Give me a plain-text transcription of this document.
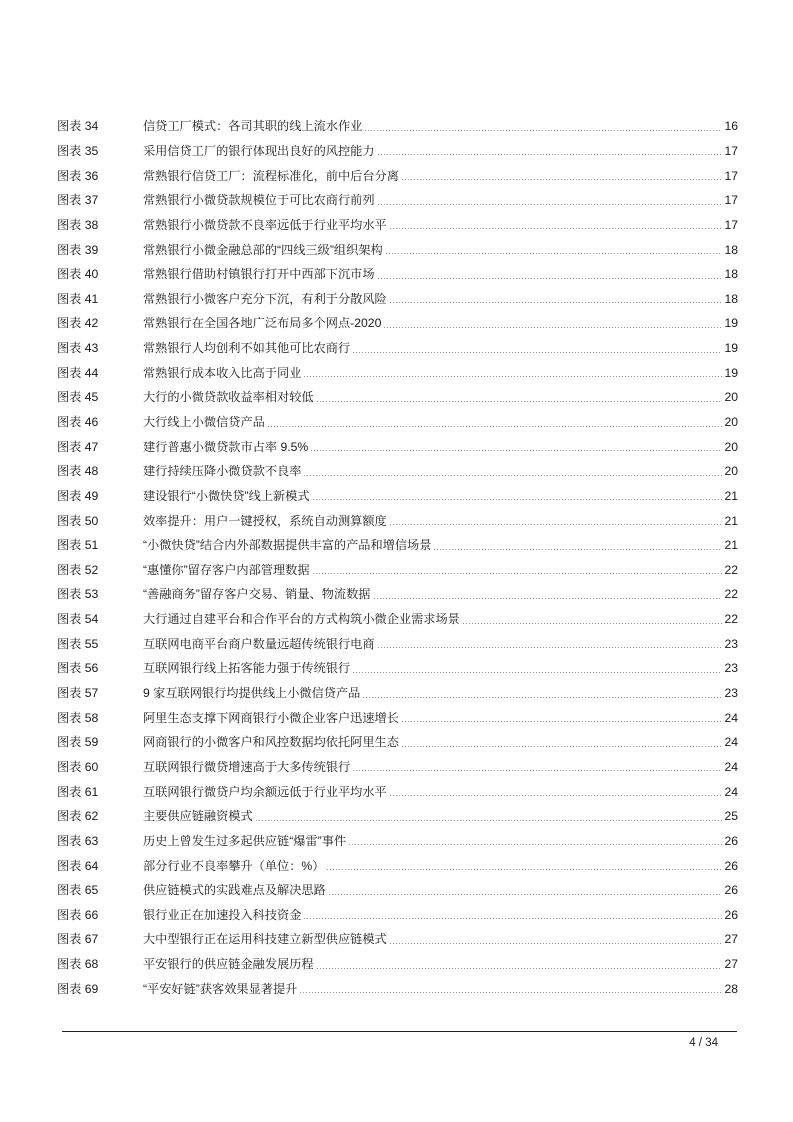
图表 34	信贷工厂模式：各司其职的线上流水作业	16
图表 35	采用信贷工厂的银行体现出良好的风控能力	17
图表 36	常熟银行信贷工厂：流程标准化，前中后台分离	17
图表 37	常熟银行小微贷款规模位于可比农商行前列	17
图表 38	常熟银行小微贷款不良率远低于行业平均水平	17
图表 39	常熟银行小微金融总部的“四线三级”组织架构	18
图表 40	常熟银行借助村镇银行打开中西部下沉市场	18
图表 41	常熟银行小微客户充分下沉，有利于分散风险	18
图表 42	常熟银行在全国各地广泛布局多个网点-2020	19
图表 43	常熟银行人均创利不如其他可比农商行	19
图表 44	常熟银行成本收入比高于同业	19
图表 45	大行的小微贷款收益率相对较低	20
图表 46	大行线上小微信贷产品	20
图表 47	建行普惠小微贷款市占率 9.5%	20
图表 48	建行持续压降小微贷款不良率	20
图表 49	建设银行“小微快贷”线上新模式	21
图表 50	效率提升：用户一键授权，系统自动测算额度	21
图表 51	“小微快贷”结合内外部数据提供丰富的产品和增信场景	21
图表 52	“惠懂你”留存客户内部管理数据	22
图表 53	“善融商务”留存客户交易、销量、物流数据	22
图表 54	大行通过自建平台和合作平台的方式构筑小微企业需求场景	22
图表 55	互联网电商平台商户数量远超传统银行电商	23
图表 56	互联网银行线上拓客能力强于传统银行	23
图表 57	9 家互联网银行均提供线上小微信贷产品	23
图表 58	阿里生态支撑下网商银行小微企业客户迅速增长	24
图表 59	网商银行的小微客户和风控数据均依托阿里生态	24
图表 60	互联网银行微贷增速高于大多传统银行	24
图表 61	互联网银行微贷户均余额远低于行业平均水平	24
图表 62	主要供应链融资模式	25
图表 63	历史上曾发生过多起供应链“爆雷”事件	26
图表 64	部分行业不良率攀升（单位：%）	26
图表 65	供应链模式的实践难点及解决思路	26
图表 66	银行业正在加速投入科技资金	26
图表 67	大中型银行正在运用科技建立新型供应链模式	27
图表 68	平安银行的供应链金融发展历程	27
图表 69	“平安好链”获客效果显著提升	28
4 / 34
